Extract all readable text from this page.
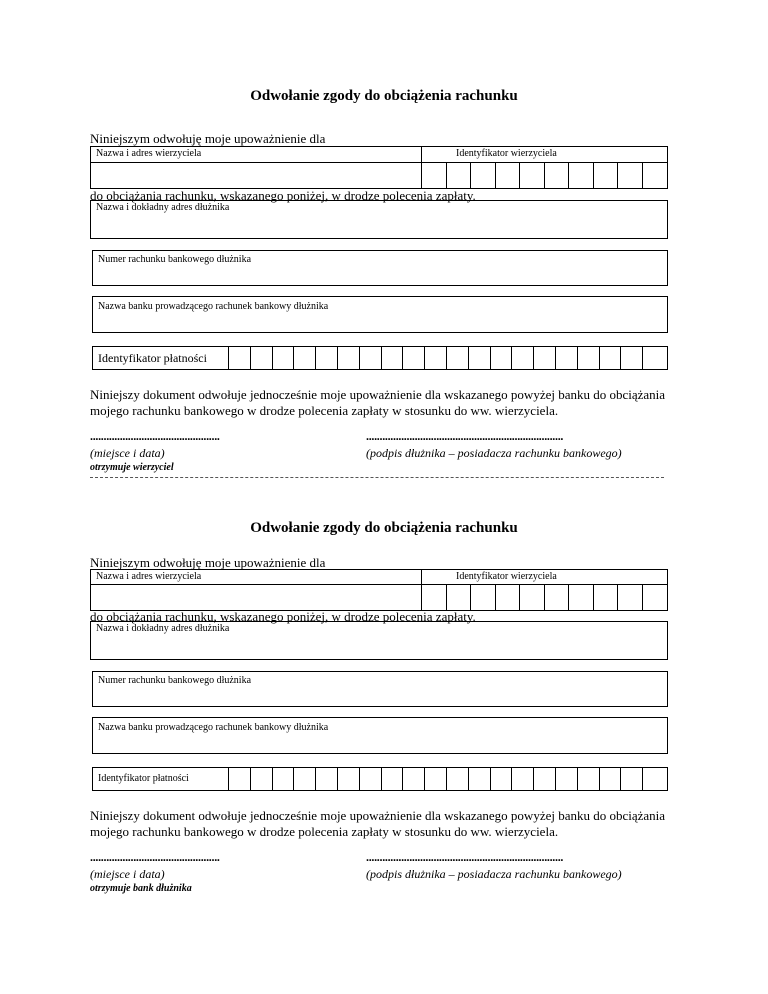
Odwołanie zgody do obciążenia rachunku
Niniejszym odwołuję moje upoważnienie dla
Nazwa i adres wierzyciela	Identyfikator wierzyciela
do obciążania rachunku, wskazanego poniżej, w drodze polecenia zapłaty.
Nazwa i dokładny adres dłużnika
Numer rachunku bankowego dłużnika
Nazwa banku prowadzącego rachunek bankowy dłużnika
Identyfikator płatności
Niniejszy dokument odwołuje jednocześnie moje upoważnienie dla wskazanego powyżej banku do obciążania mojego rachunku bankowego w drodze polecenia zapłaty w stosunku do ww. wierzyciela.
................................................	.........................................................................
(miejsce i data)	(podpis dłużnika – posiadacza rachunku bankowego)
otrzymuje wierzyciel
Odwołanie zgody do obciążenia rachunku
Niniejszym odwołuję moje upoważnienie dla
Nazwa i adres wierzyciela	Identyfikator wierzyciela
do obciążania rachunku, wskazanego poniżej, w drodze polecenia zapłaty.
Nazwa i dokładny adres dłużnika
Numer rachunku bankowego dłużnika
Nazwa banku prowadzącego rachunek bankowy dłużnika
Identyfikator płatności
Niniejszy dokument odwołuje jednocześnie moje upoważnienie dla wskazanego powyżej banku do obciążania mojego rachunku bankowego w drodze polecenia zapłaty w stosunku do ww. wierzyciela.
................................................	.........................................................................
(miejsce i data)	(podpis dłużnika – posiadacza rachunku bankowego)
otrzymuje bank dłużnika
